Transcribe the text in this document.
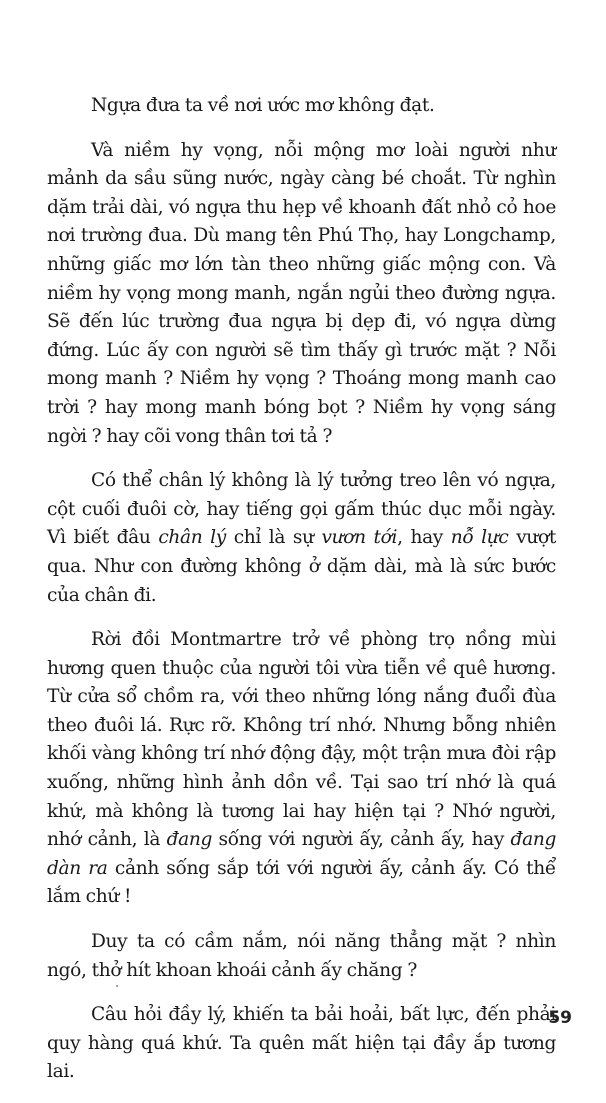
Ngựa đưa ta về nơi ước mơ không đạt.

Và niềm hy vọng, nỗi mộng mơ loài người như mảnh da sầu sũng nước, ngày càng bé choắt. Từ nghìn dặm trải dài, vó ngựa thu hẹp về khoanh đất nhỏ cỏ hoe nơi trường đua. Dù mang tên Phú Thọ, hay Longchamp, những giấc mơ lớn tàn theo những giấc mộng con. Và niềm hy vọng mong manh, ngắn ngủi theo đường ngựa. Sẽ đến lúc trường đua ngựa bị dẹp đi, vó ngựa dừng đứng. Lúc ấy con người sẽ tìm thấy gì trước mặt ? Nỗi mong manh ? Niềm hy vọng ? Thoáng mong manh cao trời ? hay mong manh bóng bọt ? Niềm hy vọng sáng ngời ? hay cõi vong thân tơi tả ?

Có thể chân lý không là lý tưởng treo lên vó ngựa, cột cuối đuôi cờ, hay tiếng gọi gấm thúc dục mỗi ngày. Vì biết đâu chân lý chỉ là sự vươn tới, hay nỗ lực vượt qua. Như con đường không ở dặm dài, mà là sức bước của chân đi.

Rời đồi Montmartre trở về phòng trọ nồng mùi hương quen thuộc của người tôi vừa tiễn về quê hương. Từ cửa sổ chồm ra, với theo những lóng nắng đuổi đùa theo đuôi lá. Rực rỡ. Không trí nhớ. Nhưng bỗng nhiên khối vàng không trí nhớ động đậy, một trận mưa đòi rập xuống, những hình ảnh dồn về. Tại sao trí nhớ là quá khứ, mà không là tương lai hay hiện tại ? Nhớ người, nhớ cảnh, là đang sống với người ấy, cảnh ấy, hay đang dàn ra cảnh sống sắp tới với người ấy, cảnh ấy. Có thể lắm chứ !

Duy ta có cầm nắm, nói năng thẳng mặt ? nhìn ngó, thở hít khoan khoái cảnh ấy chăng ?

Câu hỏi đầy lý, khiến ta bải hoải, bất lực, đến phải quy hàng quá khứ. Ta quên mất hiện tại đầy ắp tương lai.

59
